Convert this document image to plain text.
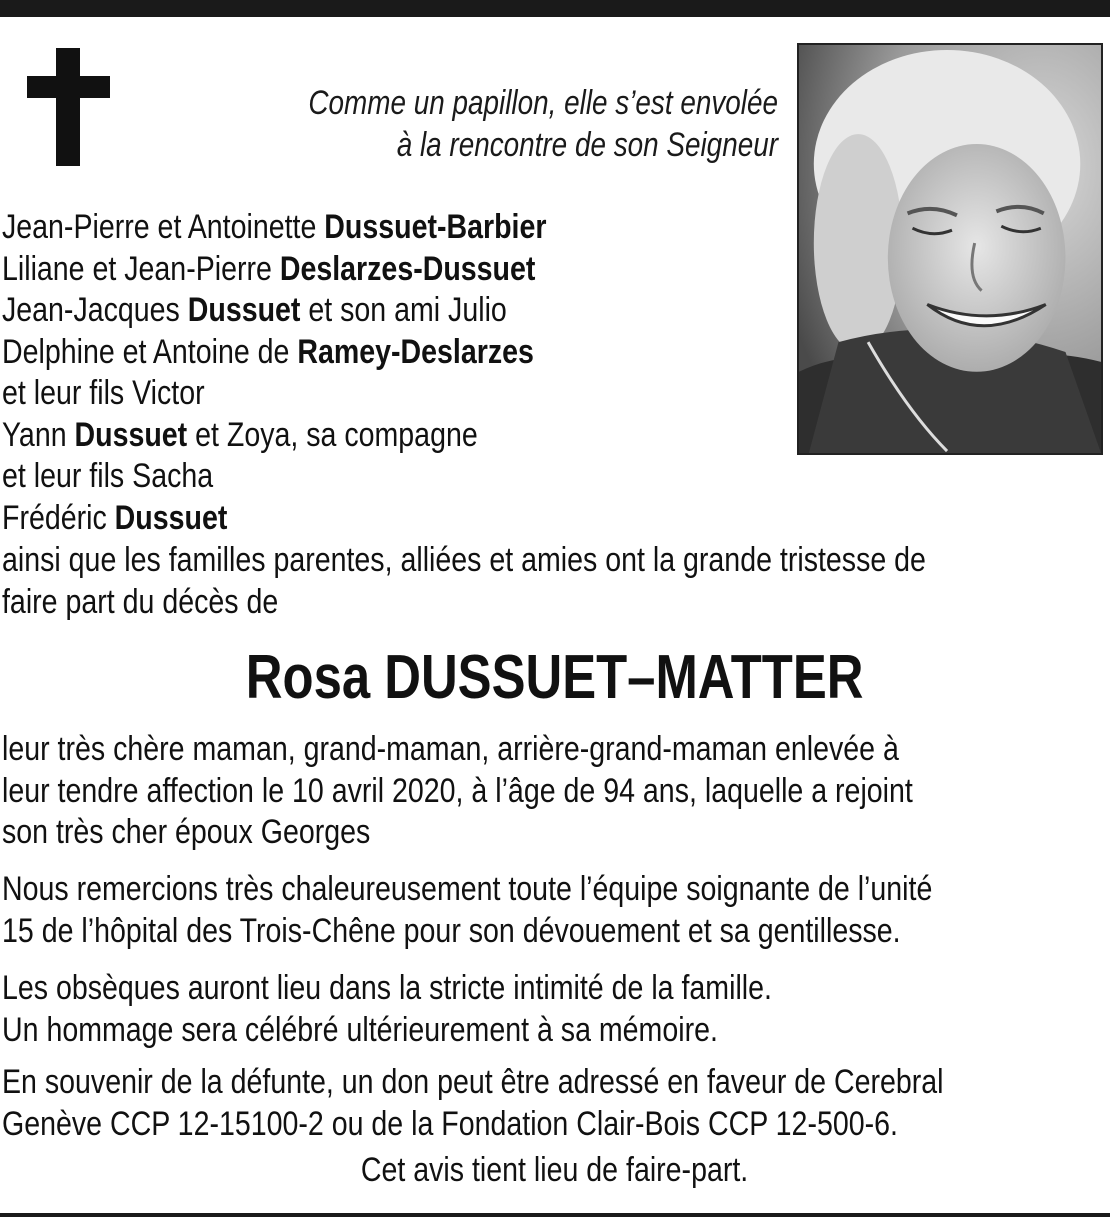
Comme un papillon, elle s’est envolée
à la rencontre de son Seigneur
Jean-Pierre et Antoinette Dussuet-Barbier
Liliane et Jean-Pierre Deslarzes-Dussuet
Jean-Jacques Dussuet et son ami Julio
Delphine et Antoine de Ramey-Deslarzes
et leur fils Victor
Yann Dussuet et Zoya, sa compagne
et leur fils Sacha
Frédéric Dussuet
ainsi que les familles parentes, alliées et amies ont la grande tristesse de
faire part du décès de
Rosa DUSSUET–MATTER
leur très chère maman, grand-maman, arrière-grand-maman enlevée à
leur tendre affection le 10 avril 2020, à l’âge de 94 ans, laquelle a rejoint
son très cher époux Georges
Nous remercions très chaleureusement toute l’équipe soignante de l’unité
15 de l’hôpital des Trois-Chêne pour son dévouement et sa gentillesse.
Les obsèques auront lieu dans la stricte intimité de la famille.
Un hommage sera célébré ultérieurement à sa mémoire.
En souvenir de la défunte, un don peut être adressé en faveur de Cerebral
Genève CCP 12-15100-2 ou de la Fondation Clair-Bois CCP 12-500-6.
Cet avis tient lieu de faire-part.
